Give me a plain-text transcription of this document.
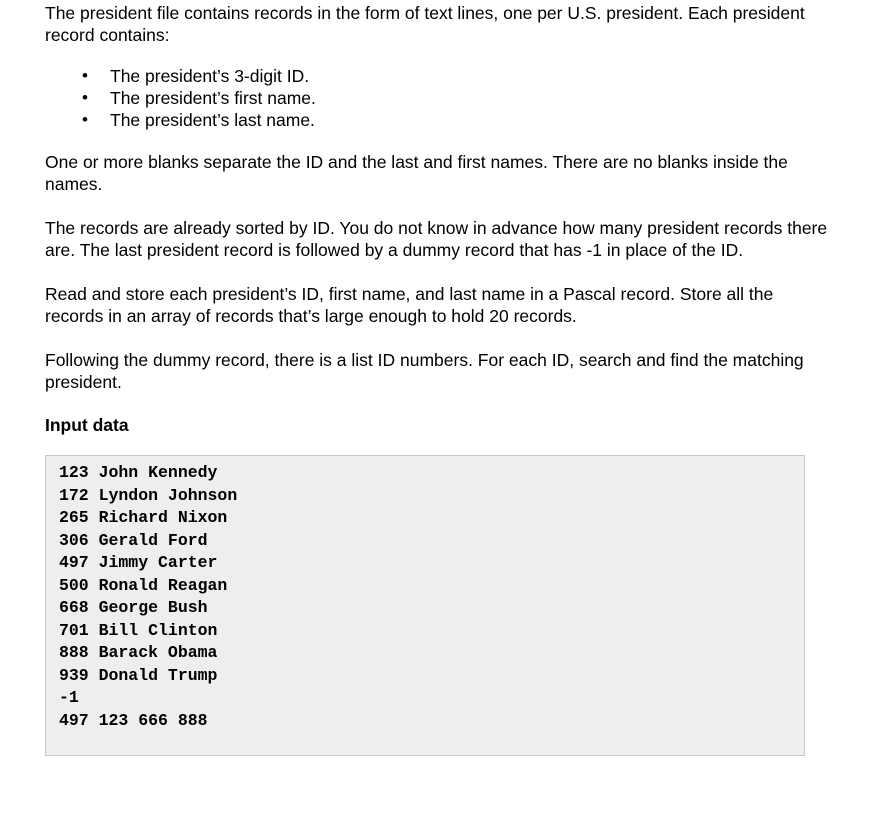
The president file contains records in the form of text lines, one per U.S. president. Each president record contains:

• The president’s 3-digit ID.
• The president’s first name.
• The president’s last name.

One or more blanks separate the ID and the last and first names. There are no blanks inside the names.

The records are already sorted by ID. You do not know in advance how many president records there are. The last president record is followed by a dummy record that has -1 in place of the ID.

Read and store each president’s ID, first name, and last name in a Pascal record. Store all the records in an array of records that’s large enough to hold 20 records.

Following the dummy record, there is a list ID numbers. For each ID, search and find the matching president.

Input data
123 John Kennedy
172 Lyndon Johnson
265 Richard Nixon
306 Gerald Ford
497 Jimmy Carter
500 Ronald Reagan
668 George Bush
701 Bill Clinton
888 Barack Obama
939 Donald Trump
-1
497 123 666 888
